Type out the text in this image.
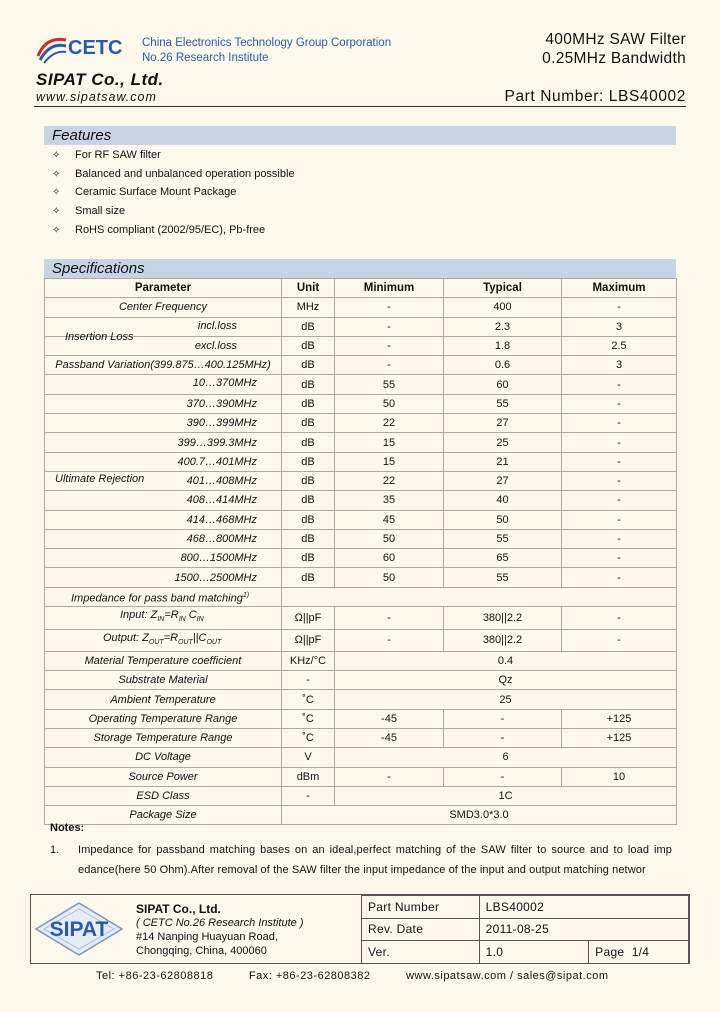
CETC China Electronics Technology Group Corporation
No.26 Research Institute
400MHz SAW Filter
0.25MHz Bandwidth
SIPAT Co., Ltd.
www.sipatsaw.com	Part Number: LBS40002
Features
✧ For RF SAW filter
✧ Balanced and unbalanced operation possible
✧ Ceramic Surface Mount Package
✧ Small size
✧ RoHS compliant (2002/95/EC), Pb-free
Specifications
Parameter	Unit	Minimum	Typical	Maximum
Center Frequency	MHz	-	400	-

Insertion Loss
incl.loss	dB	-	2.3	3
excl.loss	dB	-	1.8	2.5
Passband Variation(399.875…400.125MHz)	dB	-	0.6	3

Ultimate Rejection
10…370MHz	dB	55	60	-
370…390MHz	dB	50	55	-
390…399MHz	dB	22	27	-
399…399.3MHz	dB	15	25	-
400.7…401MHz	dB	15	21	-
401…408MHz	dB	22	27	-
408…414MHz	dB	35	40	-
414…468MHz	dB	45	50	-
468…800MHz	dB	50	55	-
800…1500MHz	dB	60	65	-
1500…2500MHz	dB	50	55	-
Impedance for pass band matching$^{1)}$	
Input: $Z_{IN}=R_{IN}$ $C_{IN}$	Ω||pF	-	380||2.2	-
Output: $Z_{OUT}=R_{OUT}||C_{OUT}$	Ω||pF	-	380||2.2	-
Material Temperature coefficient	KHz/°C	0.4		
Substrate Material	-	Qz		
Ambient Temperature	˚C	25		
Operating Temperature Range	˚C	-45	-	+125
Storage Temperature Range	˚C	-45	-	+125
DC Voltage	V	6		
Source Power	dBm	-	-	10
ESD Class	-	1C		
Package Size	SMD3.0*3.0			
Notes:
1. Impedance for passband matching bases on an ideal,perfect matching of the SAW filter to source and to load imp edance(here 50 Ohm).After removal of the SAW filter the input impedance of the input and output matching networ
SIPAT
SIPAT Co., Ltd.
( CETC No.26 Research Institute )
#14 Nanping Huayuan Road,
Chongqing, China, 400060
Part Number	LBS40002	
Rev. Date	2011-08-25	
Ver.	1.0	Page 1/4
Tel: +86-23-62808818	Fax: +86-23-62808382	www.sipatsaw.com / sales@sipat.com
